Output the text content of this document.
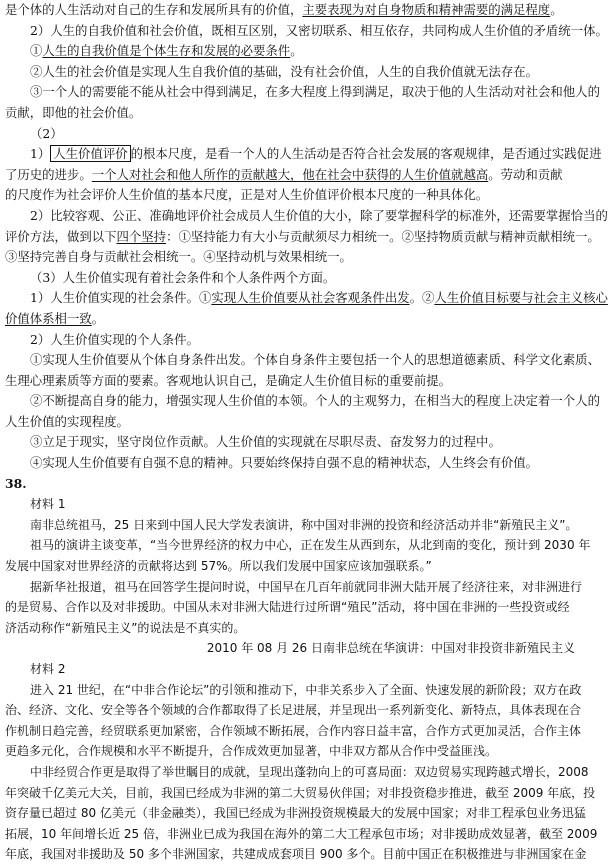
是个体的人生活动对自己的生存和发展所具有的价值，主要表现为对自身物质和精神需要的满足程度。
2）人生的自我价值和社会价值，既相互区别，又密切联系、相互依存，共同构成人生价值的矛盾统一体。
①人生的自我价值是个体生存和发展的必要条件。
②人生的社会价值是实现人生自我价值的基础，没有社会价值，人生的自我价值就无法存在。
③一个人的需要能不能从社会中得到满足，在多大程度上得到满足，取决于他的人生活动对社会和他人的
贡献，即他的社会价值。
（2）
1） 人生价值评价 的根本尺度，是看一个人的人生活动是否符合社会发展的客观规律，是否通过实践促进
了历史的进步。一个人对社会和他人所作的贡献越大，他在社会中获得的人生价值就越高。劳动和贡献
的尺度作为社会评价人生价值的基本尺度，正是对人生价值评价根本尺度的一种具体化。
2）比较容观、公正、准确地评价社会成员人生价值的大小，除了要掌握科学的标准外，还需要掌握恰当的
评价方法，做到以下四个坚持：①坚持能力有大小与贡献须尽力相统一。②坚持物质贡献与精神贡献相统一。
③坚持完善自身与贡献社会相统一。④坚持动机与效果相统一。
（3）人生价值实现有着社会条件和个人条件两个方面。
1）人生价值实现的社会条件。①实现人生价值要从社会客观条件出发。②人生价值目标要与社会主义核心
价值体系相一致。
2）人生价值实现的个人条件。
①实现人生价值要从个体自身条件出发。个体自身条件主要包括一个人的思想道德素质、科学文化素质、
生理心理素质等方面的要素。客观地认识自己，是确定人生价值目标的重要前提。
②不断提高自身的能力，增强实现人生价值的本领。个人的主观努力，在相当大的程度上决定着一个人的
人生价值的实现程度。
③立足于现实，坚守岗位作贡献。人生价值的实现就在尽职尽责、奋发努力的过程中。
④实现人生价值要有自强不息的精神。只要始终保持自强不息的精神状态，人生终会有价值。
38.
材料 1
南非总统祖马，25 日来到中国人民大学发表演讲，称中国对非洲的投资和经济活动并非“新殖民主义”。
祖马的演讲主谈变革，“当今世界经济的权力中心，正在发生从西到东，从北到南的变化，预计到 2030 年
发展中国家对世界经济的贡献将达到 57%。所以我们发展中国家应该加强联系。”
据新华社报道，祖马在回答学生提问时说，中国早在几百年前就同非洲大陆开展了经济往来，对非洲进行
的是贸易、合作以及对非援助。中国从未对非洲大陆进行过所谓“殖民”活动，将中国在非洲的一些投资或经
济活动称作“新殖民主义”的说法是不真实的。
2010 年 08 月 26 日南非总统在华演讲：中国对非投资非新殖民主义
材料 2
进入 21 世纪，在“中非合作论坛”的引领和推动下，中非关系步入了全面、快速发展的新阶段；双方在政
治、经济、文化、安全等各个领域的合作都取得了长足进展，并呈现出一系列新变化、新特点，具体表现在合
作机制日趋完善，经贸联系更加紧密，合作领域不断拓展，合作内容日益丰富，合作方式更加灵活，合作主体
更趋多元化，合作规模和水平不断提升，合作成效更加显著，中非双方都从合作中受益匪浅。
中非经贸合作更是取得了举世瞩目的成就，呈现出蓬勃向上的可喜局面：双边贸易实现跨越式增长，2008
年突破千亿美元大关，目前，我国已经成为非洲的第二大贸易伙伴国；对非投资稳步推进，截至 2009 年底，投
资存量已超过 80 亿美元（非金融类），我国已经成为非洲投资规模最大的发展中国家；对非工程承包业务迅猛
拓展，10 年间增长近 25 倍，非洲业已成为我国在海外的第二大工程承包市场；对非援助成效显著，截至 2009
年底，我国对非援助及 50 多个非洲国家，共建成成套项目 900 多个。目前中国正在积极推进与非洲国家在金
